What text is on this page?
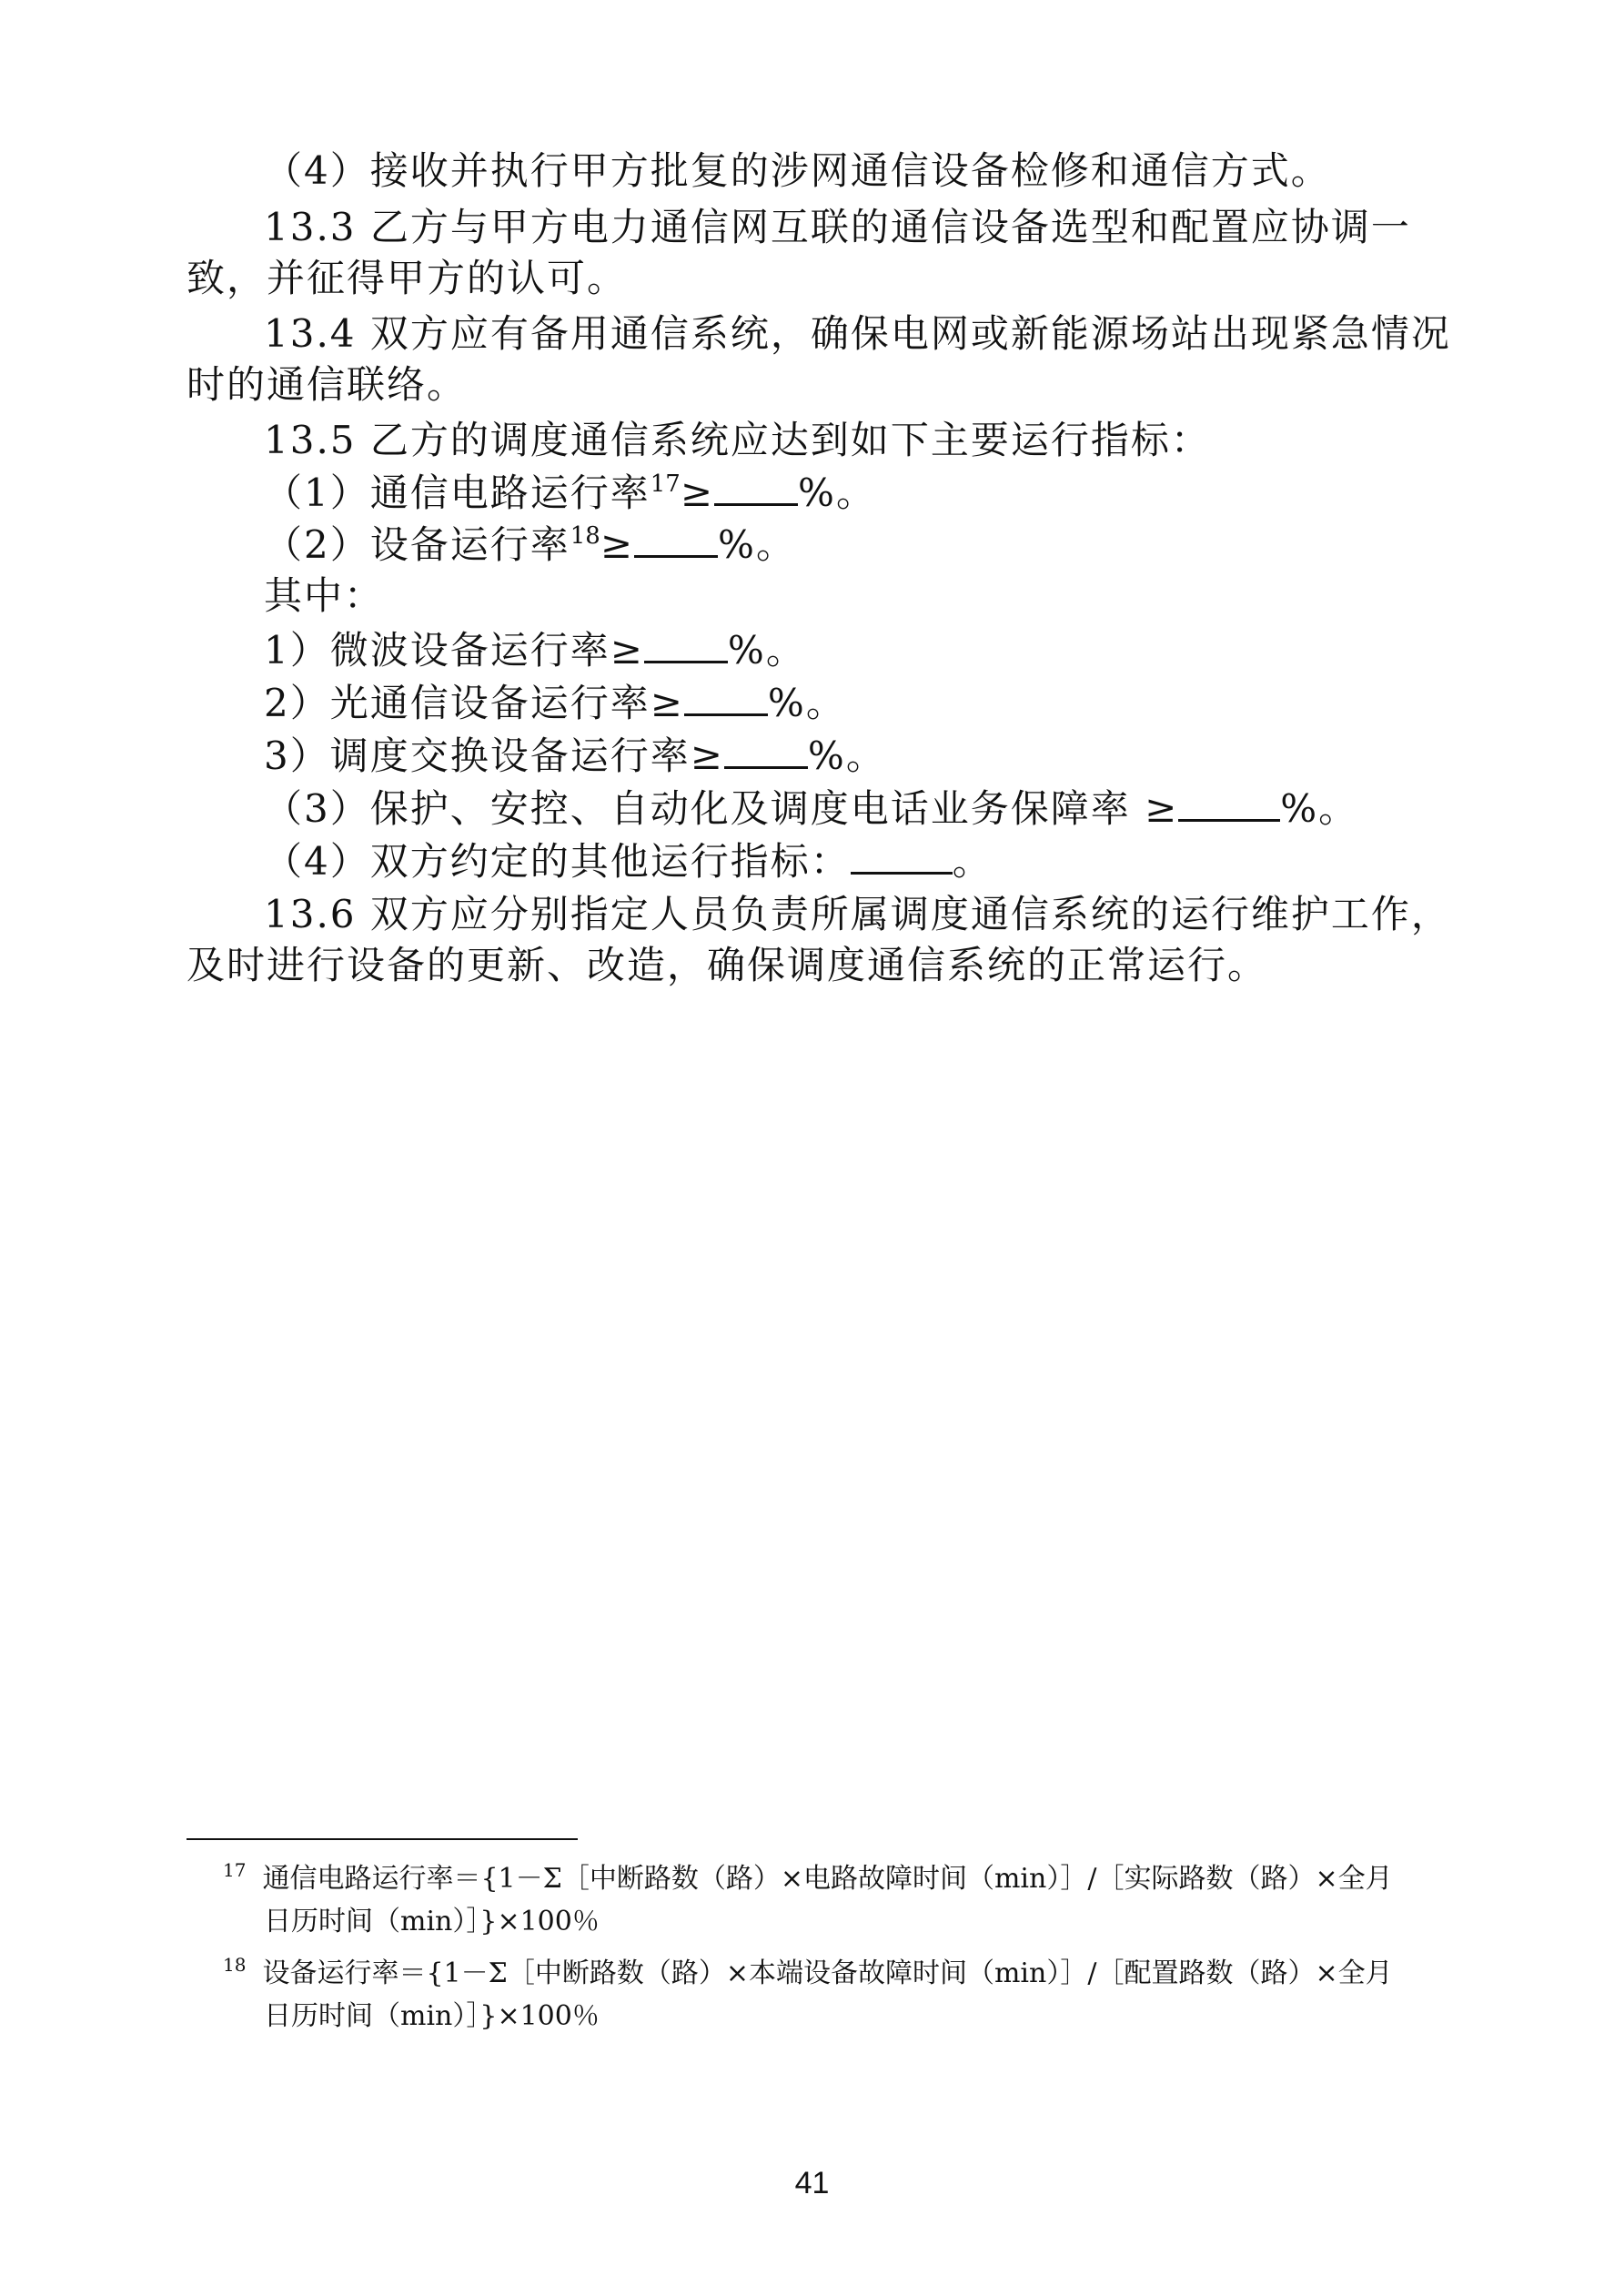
（4）接收并执行甲方批复的涉网通信设备检修和通信方式。
13.3 乙方与甲方电力通信网互联的通信设备选型和配置应协调一
致，并征得甲方的认可。
13.4 双方应有备用通信系统，确保电网或新能源场站出现紧急情况
时的通信联络。
13.5 乙方的调度通信系统应达到如下主要运行指标：
（1）通信电路运行率$^{17}$≥ %。
（2）设备运行率$^{18}$≥ %。
其中：
1）微波设备运行率≥ %。
2）光通信设备运行率≥ %。
3）调度交换设备运行率≥ %。
（3）保护、安控、自动化及调度电话业务保障率 ≥	%。
（4）双方约定的其他运行指标：	。
13.6 双方应分别指定人员负责所属调度通信系统的运行维护工作，
及时进行设备的更新、改造，确保调度通信系统的正常运行。
$^{17}$ 通信电路运行率＝{1－Σ［中断路数（路）×电路故障时间（min）］/［实际路数（路）×全月
日历时间（min）］}×100％
$^{18}$ 设备运行率＝{1－Σ［中断路数（路）×本端设备故障时间（min）］/［配置路数（路）×全月
日历时间（min）］}×100％
41
